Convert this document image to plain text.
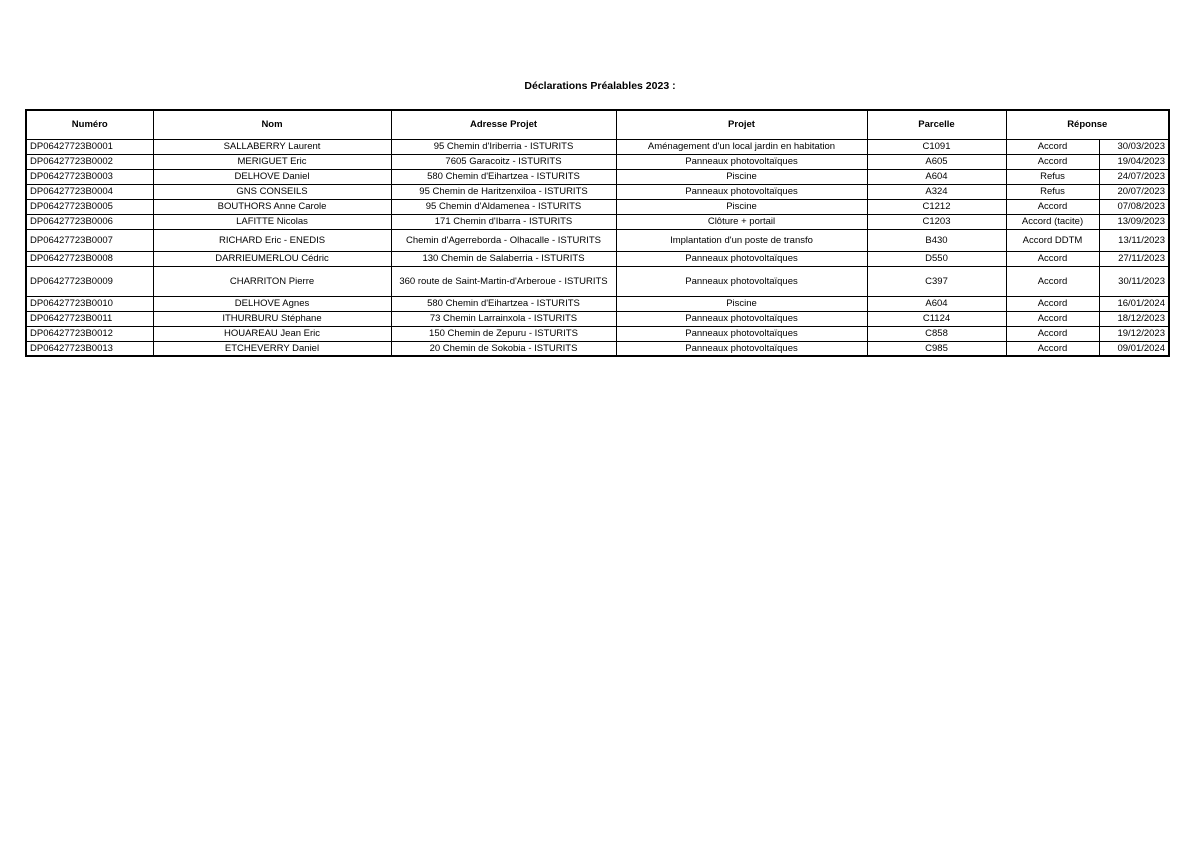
Déclarations Préalables 2023 :
Numéro	Nom	Adresse Projet	Projet	Parcelle	Réponse	
DP06427723B0001	SALLABERRY Laurent	95 Chemin d'Iriberria - ISTURITS	Aménagement d'un local jardin en habitation	C1091	Accord	30/03/2023
DP06427723B0002	MERIGUET Eric	7605 Garacoitz - ISTURITS	Panneaux photovoltaïques	A605	Accord	19/04/2023
DP06427723B0003	DELHOVE Daniel	580 Chemin d'Eihartzea - ISTURITS	Piscine	A604	Refus	24/07/2023
DP06427723B0004	GNS CONSEILS	95 Chemin de Haritzenxiloa - ISTURITS	Panneaux photovoltaïques	A324	Refus	20/07/2023
DP06427723B0005	BOUTHORS Anne Carole	95 Chemin d'Aldamenea - ISTURITS	Piscine	C1212	Accord	07/08/2023
DP06427723B0006	LAFITTE Nicolas	171 Chemin d'Ibarra - ISTURITS	Clôture + portail	C1203	Accord (tacite)	13/09/2023
DP06427723B0007	RICHARD Eric - ENEDIS	Chemin d'Agerreborda - Olhacalle - ISTURITS	Implantation d'un poste de transfo	B430	Accord DDTM	13/11/2023
DP06427723B0008	DARRIEUMERLOU Cédric	130 Chemin de Salaberria - ISTURITS	Panneaux photovoltaïques	D550	Accord	27/11/2023
DP06427723B0009	CHARRITON Pierre	360 route de Saint-Martin-d'Arberoue - ISTURITS	Panneaux photovoltaïques	C397	Accord	30/11/2023
DP06427723B0010	DELHOVE Agnes	580 Chemin d'Eihartzea - ISTURITS	Piscine	A604	Accord	16/01/2024
DP06427723B0011	ITHURBURU Stéphane	73 Chemin Larrainxola - ISTURITS	Panneaux photovoltaïques	C1124	Accord	18/12/2023
DP06427723B0012	HOUAREAU Jean Eric	150 Chemin de Zepuru - ISTURITS	Panneaux photovoltaïques	C858	Accord	19/12/2023
DP06427723B0013	ETCHEVERRY Daniel	20 Chemin de Sokobia - ISTURITS	Panneaux photovoltaïques	C985	Accord	09/01/2024
